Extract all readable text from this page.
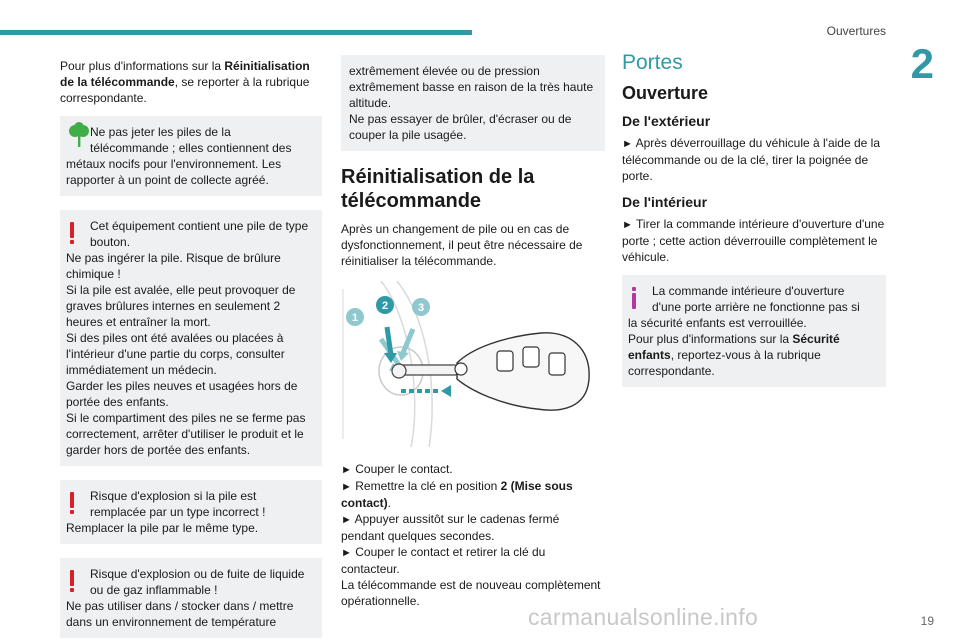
Ouvertures
2

Pour plus d'informations sur la Réinitialisation de la télécommande, se reporter à la rubrique correspondante.

Ne pas jeter les piles de la

télécommande ; elles contiennent des

métaux nocifs pour l'environnement. Les rapporter à un point de collecte agréé.

Cet équipement contient une pile de type

bouton.

Ne pas ingérer la pile. Risque de brûlure chimique !

Si la pile est avalée, elle peut provoquer de graves brûlures internes en seulement 2 heures et entraîner la mort.

Si des piles ont été avalées ou placées à l'intérieur d'une partie du corps, consulter immédiatement un médecin.

Garder les piles neuves et usagées hors de portée des enfants.

Si le compartiment des piles ne se ferme pas correctement, arrêter d'utiliser le produit et le garder hors de portée des enfants.

Risque d'explosion si la pile est

remplacée par un type incorrect !

Remplacer la pile par le même type.

Risque d'explosion ou de fuite de liquide

ou de gaz inflammable !

Ne pas utiliser dans / stocker dans / mettre dans un environnement de température

extrêmement élevée ou de pression extrêmement basse en raison de la très haute altitude.

Ne pas essayer de brûler, d'écraser ou de couper la pile usagée.

Réinitialisation de la télécommande

Après un changement de pile ou en cas de dysfonctionnement, il peut être nécessaire de réinitialiser la télécommande.

1
2	3

► Couper le contact.

► Remettre la clé en position 2 (Mise sous contact).

► Appuyer aussitôt sur le cadenas fermé pendant quelques secondes.

► Couper le contact et retirer la clé du contacteur.

La télécommande est de nouveau complètement opérationnelle.

Portes
Ouverture
De l'extérieur

► Après déverrouillage du véhicule à l'aide de la télécommande ou de la clé, tirer la poignée de porte.

De l'intérieur

► Tirer la commande intérieure d'ouverture d'une porte ; cette action déverrouille complètement le véhicule.

La commande intérieure d'ouverture

d'une porte arrière ne fonctionne pas si

la sécurité enfants est verrouillée.

Pour plus d'informations sur la Sécurité enfants, reportez-vous à la rubrique correspondante.

carmanualsonline.info	19
